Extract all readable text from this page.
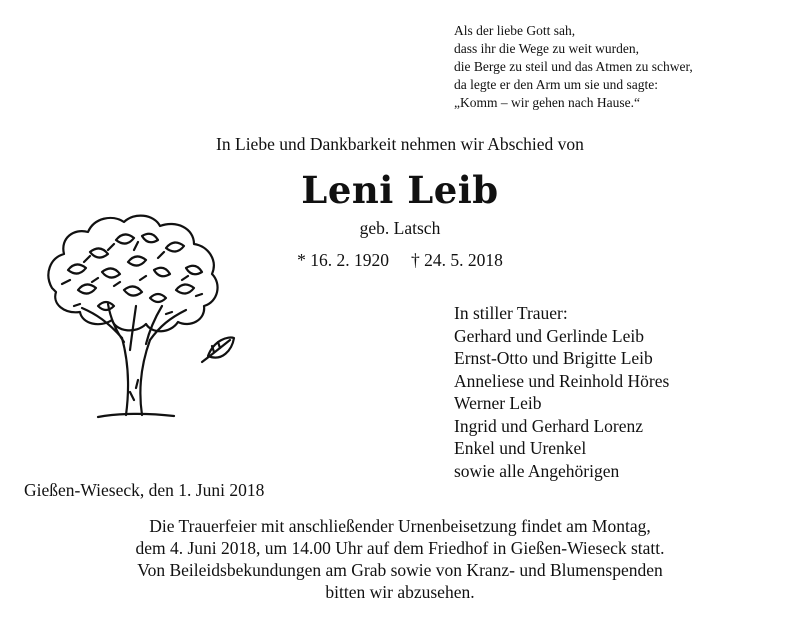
Als der liebe Gott sah,
dass ihr die Wege zu weit wurden,
die Berge zu steil und das Atmen zu schwer,
da legte er den Arm um sie und sagte:
„Komm – wir gehen nach Hause.“
In Liebe und Dankbarkeit nehmen wir Abschied von
Leni Leib
geb. Latsch
* 16. 2. 1920 † 24. 5. 2018
In stiller Trauer:
Gerhard und Gerlinde Leib
Ernst-Otto und Brigitte Leib
Anneliese und Reinhold Höres
Werner Leib
Ingrid und Gerhard Lorenz
Enkel und Urenkel
sowie alle Angehörigen
Gießen-Wieseck, den 1. Juni 2018
Die Trauerfeier mit anschließender Urnenbeisetzung findet am Montag,
dem 4. Juni 2018, um 14.00 Uhr auf dem Friedhof in Gießen-Wieseck statt.
Von Beileidsbekundungen am Grab sowie von Kranz- und Blumenspenden
bitten wir abzusehen.
